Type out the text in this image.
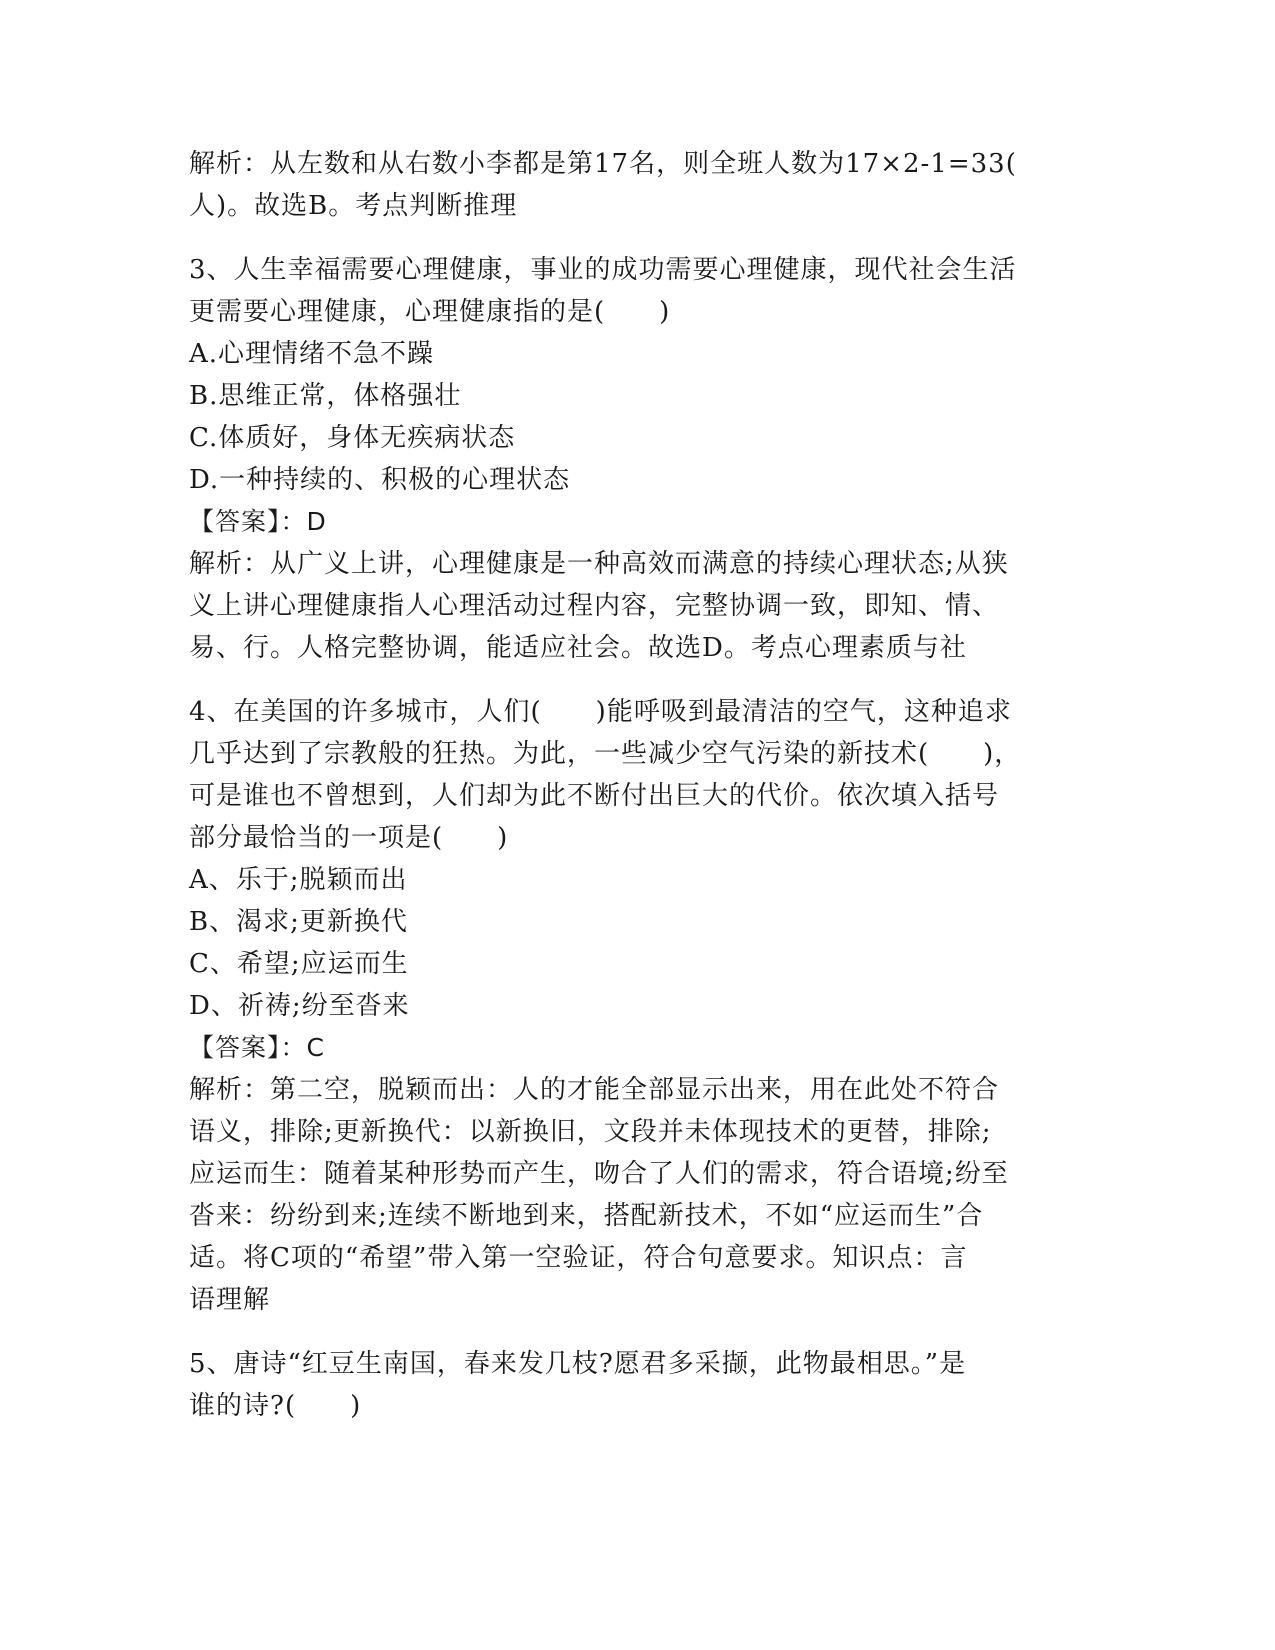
解析：从左数和从右数小李都是第17名，则全班人数为17×2-1=33(
人)。故选B。考点判断推理
3、人生幸福需要心理健康，事业的成功需要心理健康，现代社会生活
更需要心理健康，心理健康指的是(　　)
A.心理情绪不急不躁
B.思维正常，体格强壮
C.体质好，身体无疾病状态
D.一种持续的、积极的心理状态
【答案】：D
解析：从广义上讲，心理健康是一种高效而满意的持续心理状态;从狭
义上讲心理健康指人心理活动过程内容，完整协调一致，即知、情、
易、行。人格完整协调，能适应社会。故选D。考点心理素质与社
4、在美国的许多城市，人们(　　)能呼吸到最清洁的空气，这种追求
几乎达到了宗教般的狂热。为此，一些减少空气污染的新技术(　　)，
可是谁也不曾想到，人们却为此不断付出巨大的代价。依次填入括号
部分最恰当的一项是(　　)
A、乐于;脱颖而出
B、渴求;更新换代
C、希望;应运而生
D、祈祷;纷至沓来
【答案】：C
解析：第二空，脱颖而出：人的才能全部显示出来，用在此处不符合
语义，排除;更新换代：以新换旧，文段并未体现技术的更替，排除;
应运而生：随着某种形势而产生，吻合了人们的需求，符合语境;纷至
沓来：纷纷到来;连续不断地到来，搭配新技术，不如“应运而生”合
适。将C项的“希望”带入第一空验证，符合句意要求。知识点：言
语理解
5、唐诗“红豆生南国，春来发几枝?愿君多采撷，此物最相思。”是
谁的诗?(　　)
